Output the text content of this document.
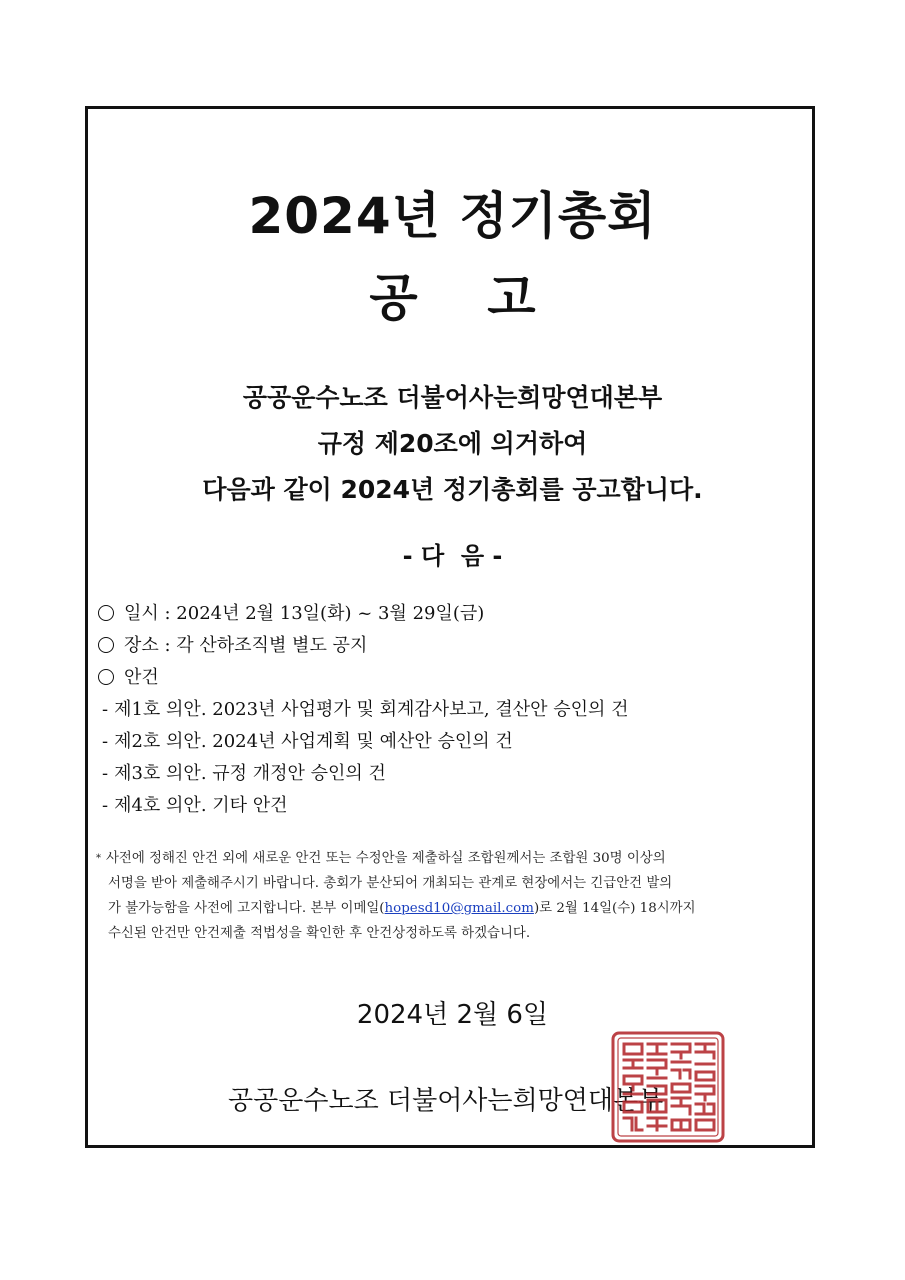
2024년 정기총회
공    고
공공운수노조 더불어사는희망연대본부
규정 제20조에 의거하여
다음과 같이 2024년 정기총회를 공고합니다.
- 다  음 -
일시 : 2024년 2월 13일(화) ~ 3월 29일(금)
장소 : 각 산하조직별 별도 공지
안건
- 제1호 의안. 2023년 사업평가 및 회계감사보고, 결산안 승인의 건
- 제2호 의안. 2024년 사업계획 및 예산안 승인의 건
- 제3호 의안. 규정 개정안 승인의 건
- 제4호 의안. 기타 안건
* 사전에 정해진 안건 외에 새로운 안건 또는 수정안을 제출하실 조합원께서는 조합원 30명 이상의
서명을 받아 제출해주시기 바랍니다. 총회가 분산되어 개최되는 관계로 현장에서는 긴급안건 발의
가 불가능함을 사전에 고지합니다. 본부 이메일(hopesd10@gmail.com)로 2월 14일(수) 18시까지
수신된 안건만 안건제출 적법성을 확인한 후 안건상정하도록 하겠습니다.
2024년 2월 6일
공공운수노조 더불어사는희망연대본부
